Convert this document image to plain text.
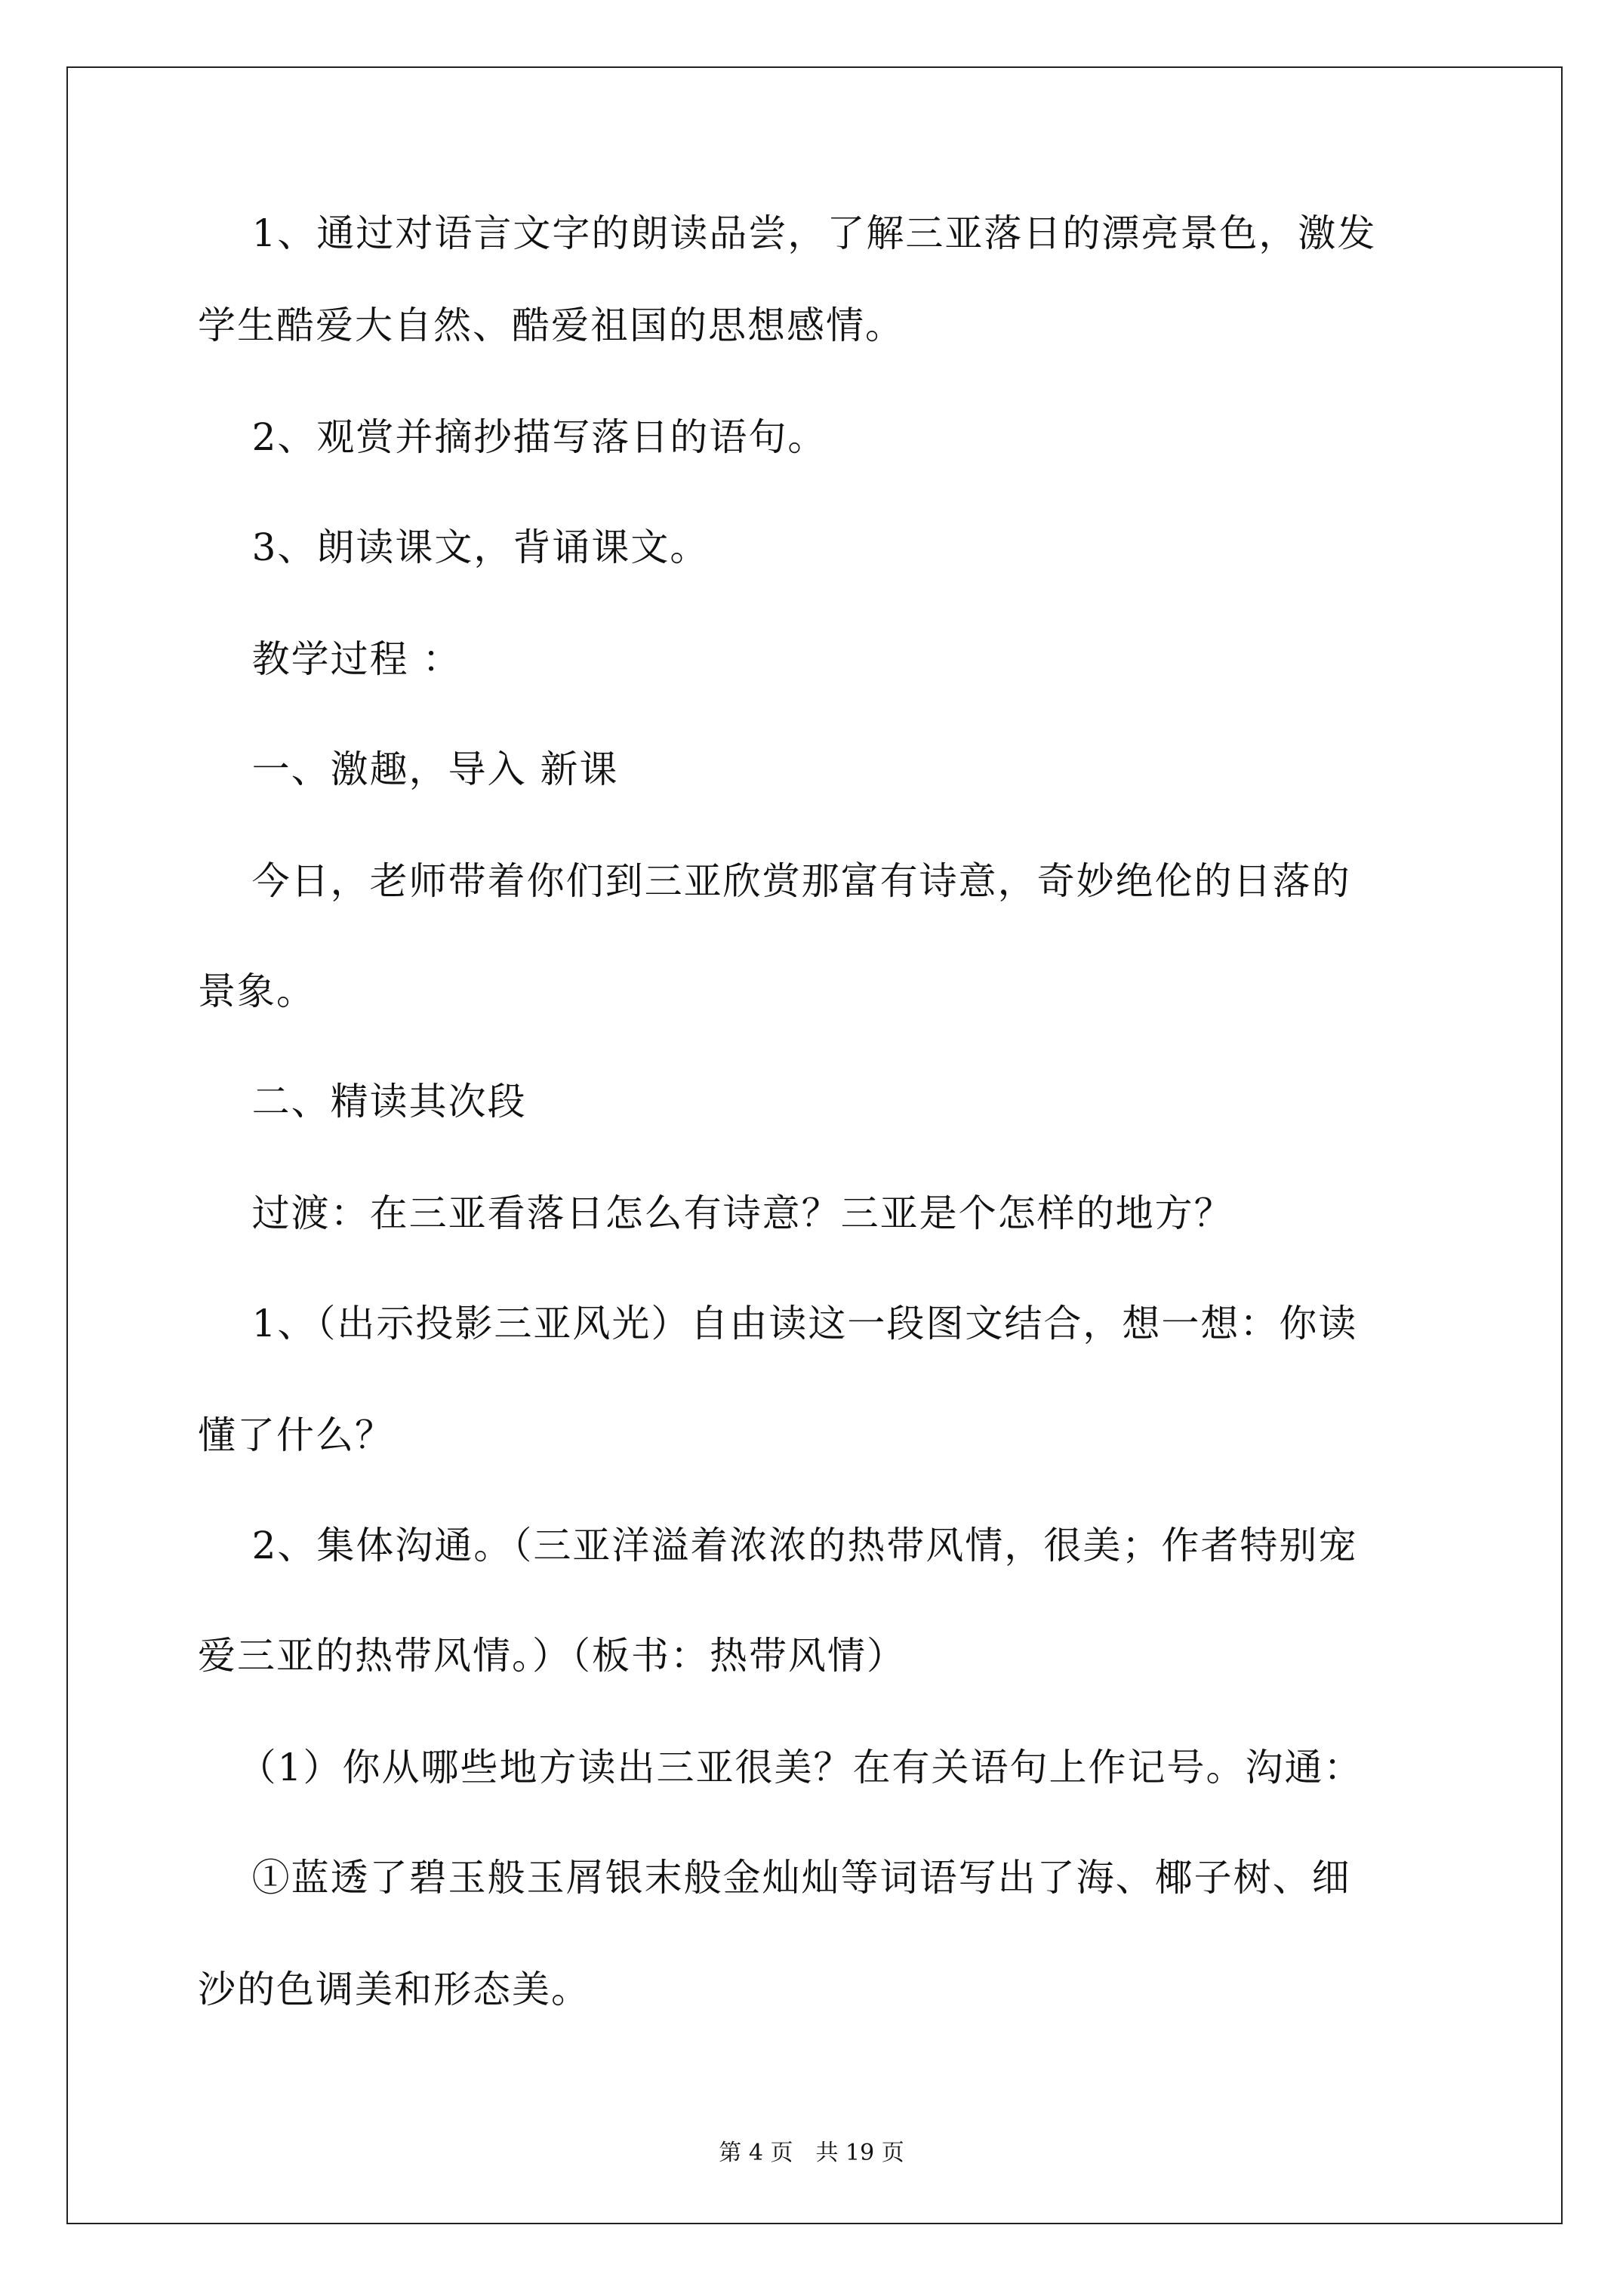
1、通过对语言文字的朗读品尝，了解三亚落日的漂亮景色，激发
学生酷爱大自然、酷爱祖国的思想感情。
2、观赏并摘抄描写落日的语句。
3、朗读课文，背诵课文。
教学过程 ：
一、激趣，导入 新课
今日，老师带着你们到三亚欣赏那富有诗意，奇妙绝伦的日落的
景象。
二、精读其次段
过渡：在三亚看落日怎么有诗意？三亚是个怎样的地方？
1、（出示投影三亚风光）自由读这一段图文结合，想一想：你读
懂了什么？
2、集体沟通。（三亚洋溢着浓浓的热带风情，很美；作者特别宠
爱三亚的热带风情。）（板书：热带风情）
（1）你从哪些地方读出三亚很美？在有关语句上作记号。沟通：
①蓝透了碧玉般玉屑银末般金灿灿等词语写出了海、椰子树、细
沙的色调美和形态美。
第 4 页　共 19 页
